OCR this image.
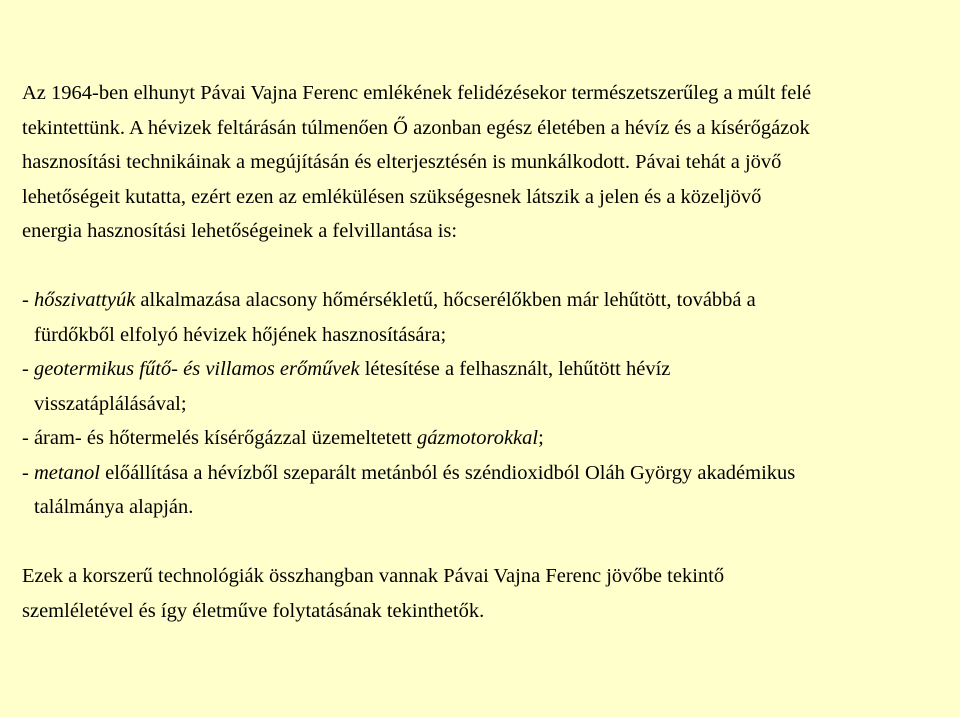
Az 1964-ben elhunyt Pávai Vajna Ferenc emlékének felidézésekor természetszerűleg a múlt felé
tekintettünk. A hévizek feltárásán túlmenően Ő azonban egész életében a hévíz és a kísérőgázok
hasznosítási technikáinak a megújításán és elterjesztésén is munkálkodott. Pávai tehát a jövő
lehetőségeit kutatta, ezért ezen az emlékülésen szükségesnek látszik a jelen és a közeljövő
energia hasznosítási lehetőségeinek a felvillantása is:
- hőszivattyúk alkalmazása alacsony hőmérsékletű, hőcserélőkben már lehűtött, továbbá a
fürdőkből elfolyó hévizek hőjének hasznosítására;
- geotermikus fűtő- és villamos erőművek létesítése a felhasznált, lehűtött hévíz
visszatáplálásával;
- áram- és hőtermelés kísérőgázzal üzemeltetett gázmotorokkal;
- metanol előállítása a hévízből szeparált metánból és széndioxidból Oláh György akadémikus
találmánya alapján.
Ezek a korszerű technológiák összhangban vannak Pávai Vajna Ferenc jövőbe tekintő
szemléletével és így életműve folytatásának tekinthetők.
